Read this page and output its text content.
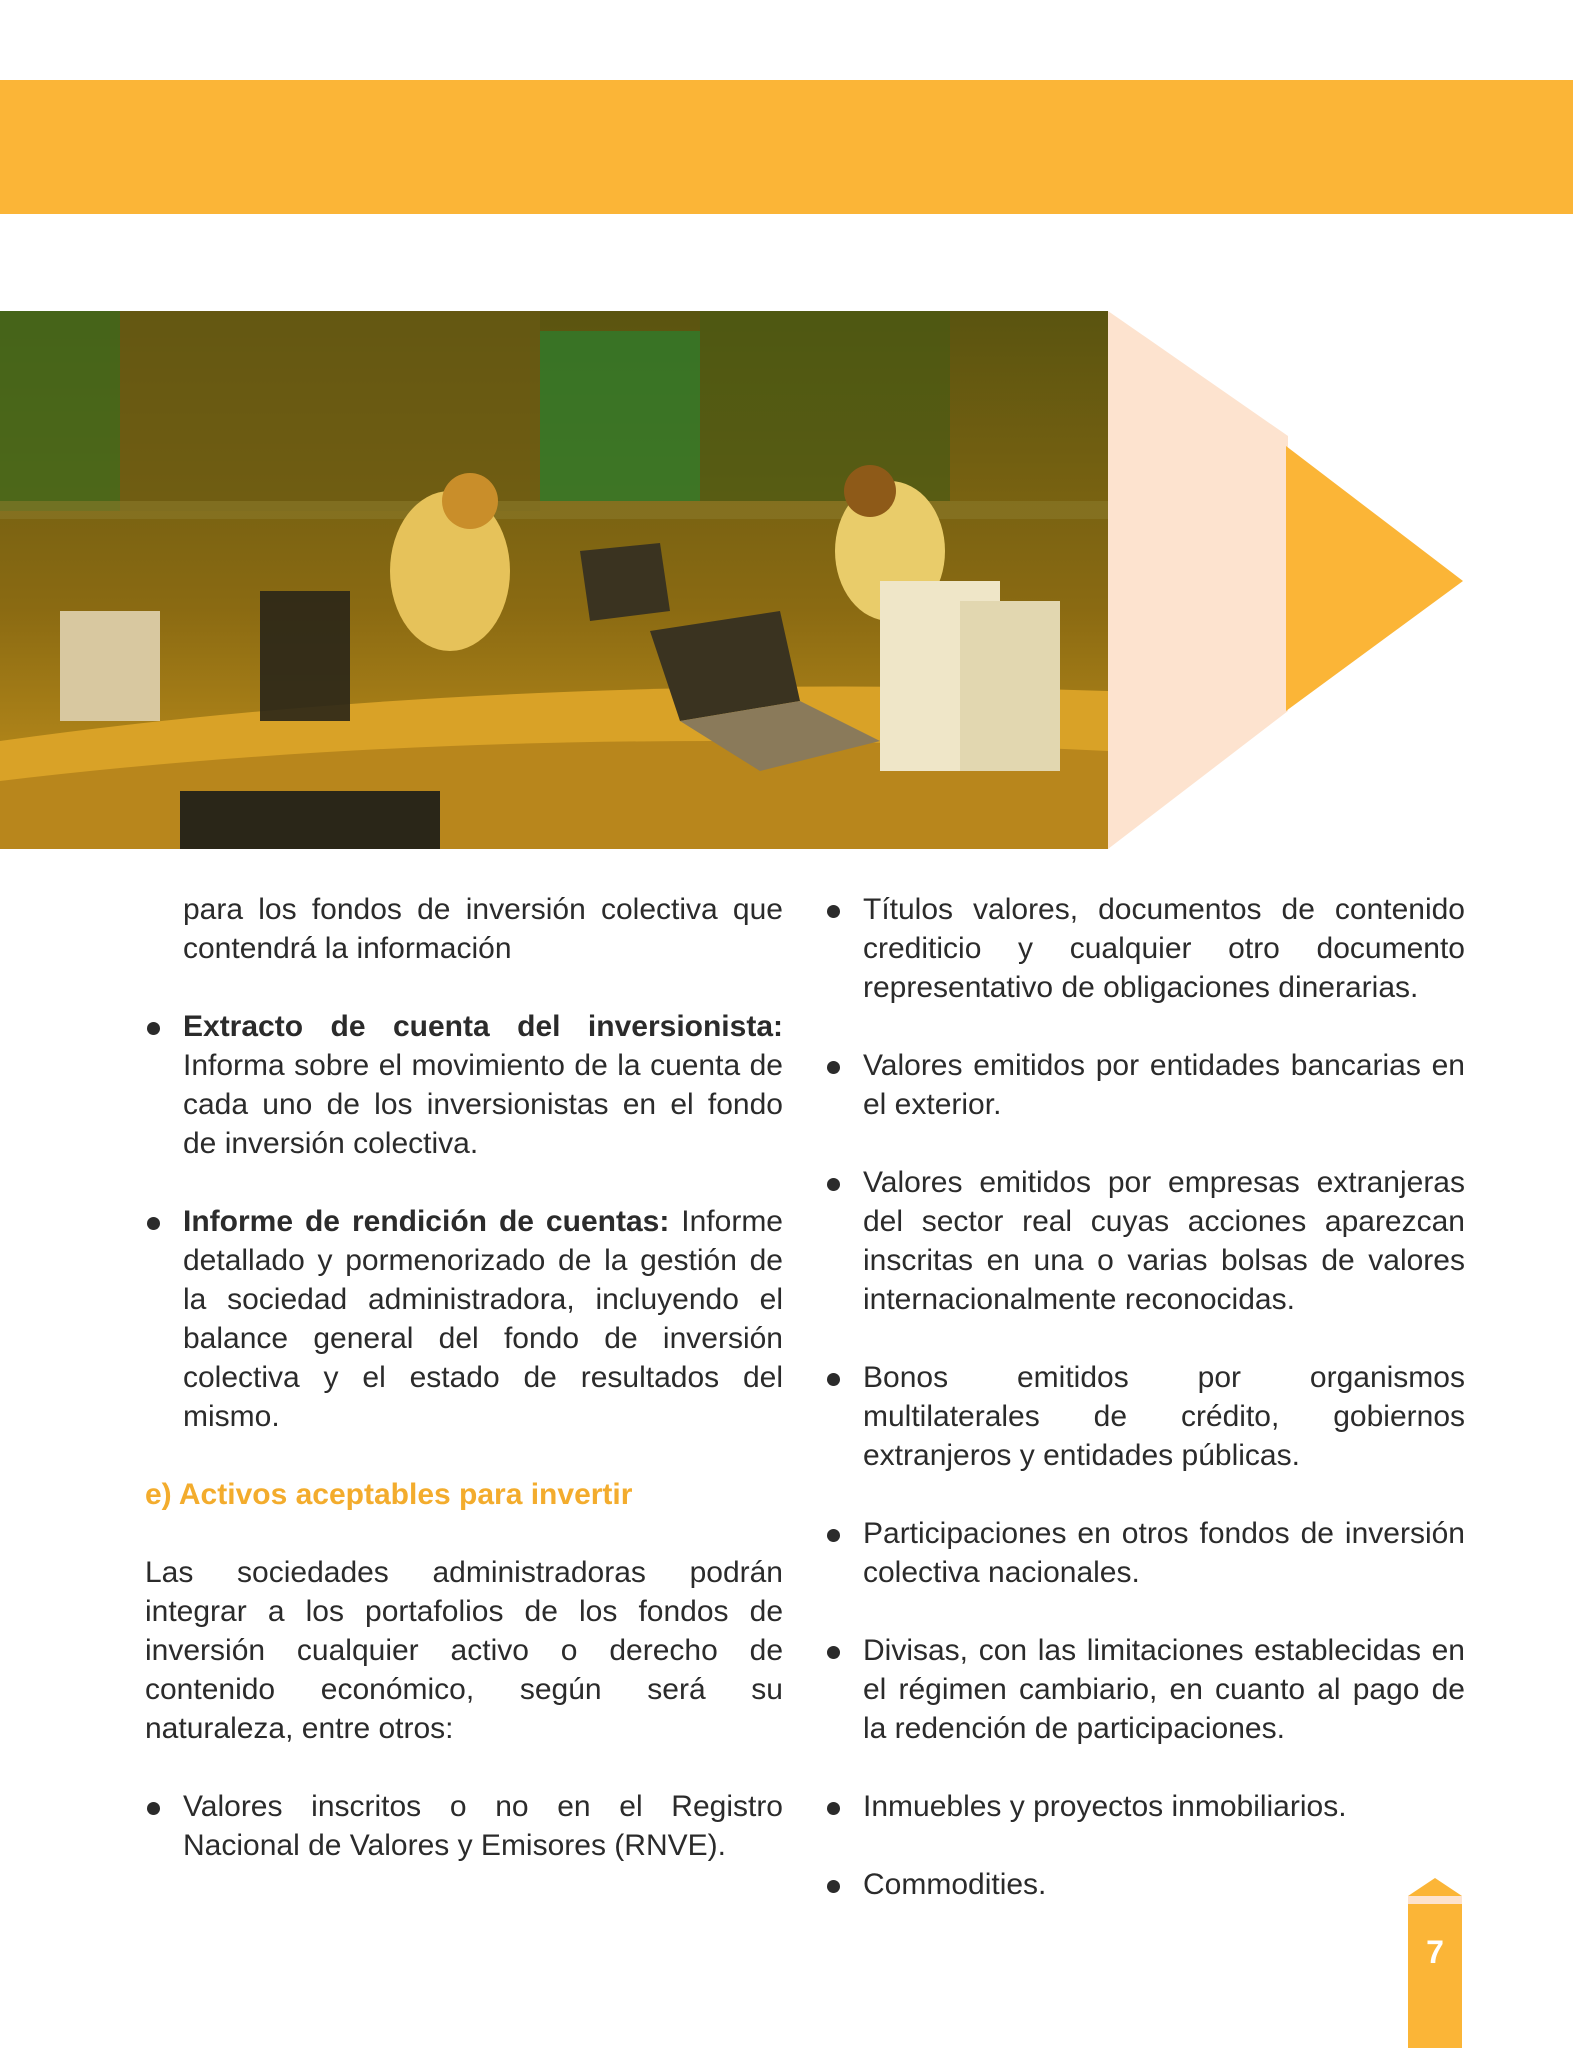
para los fondos de inversión colectiva que contendrá la información

Extracto de cuenta del inversionista: Informa sobre el movimiento de la cuenta de cada uno de los inversionistas en el fondo de inversión colectiva.
Informe de rendición de cuentas: Informe detallado y pormenorizado de la gestión de la sociedad administradora, incluyendo el balance general del fondo de inversión colectiva y el estado de resultados del mismo.
e) Activos aceptables para invertir

Las sociedades administradoras podrán integrar a los portafolios de los fondos de inversión cualquier activo o derecho de contenido económico, según será su naturaleza, entre otros:

Valores inscritos o no en el Registro Nacional de Valores y Emisores (RNVE).
Títulos valores, documentos de contenido crediticio y cualquier otro documento representativo de obligaciones dinerarias.
Valores emitidos por entidades bancarias en el exterior.
Valores emitidos por empresas extranjeras del sector real cuyas acciones aparezcan inscritas en una o varias bolsas de valores internacionalmente reconocidas.
Bonos emitidos por organismos multilaterales de crédito, gobiernos extranjeros y entidades públicas.
Participaciones en otros fondos de inversión colectiva nacionales.
Divisas, con las limitaciones establecidas en el régimen cambiario, en cuanto al pago de la redención de participaciones.
Inmuebles y proyectos inmobiliarios.
Commodities.
7
